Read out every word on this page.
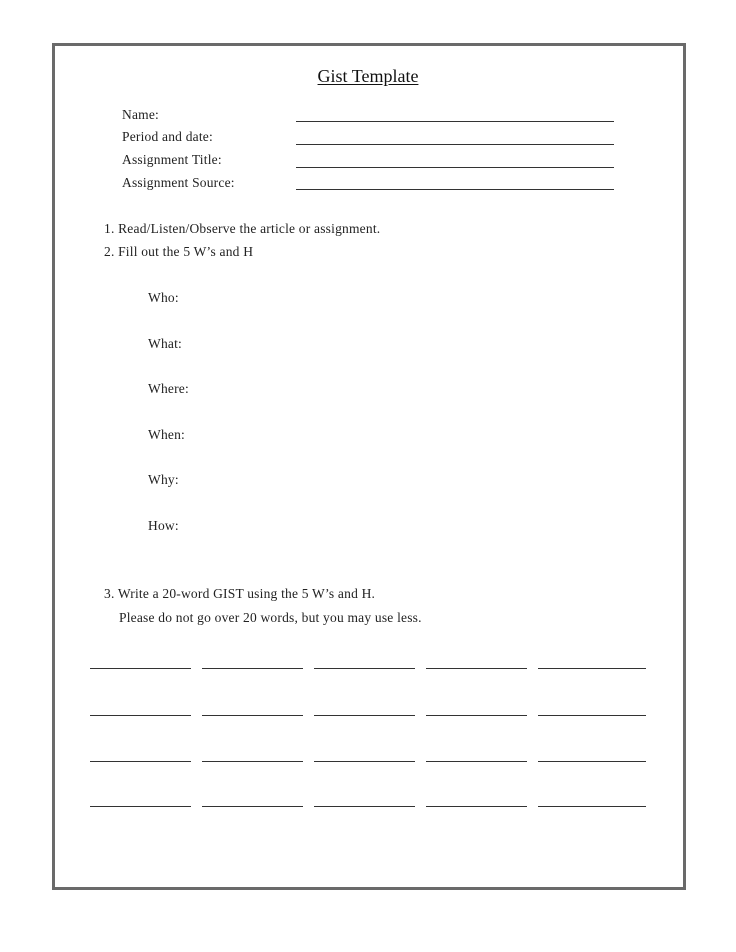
Gist Template
Name:
Period and date:
Assignment Title:
Assignment Source:
1. Read/Listen/Observe the article or assignment.
2. Fill out the 5 W’s and H
Who:
What:
Where:
When:
Why:
How:
3. Write a 20-word GIST using the 5 W’s and H.
Please do not go over 20 words, but you may use less.
